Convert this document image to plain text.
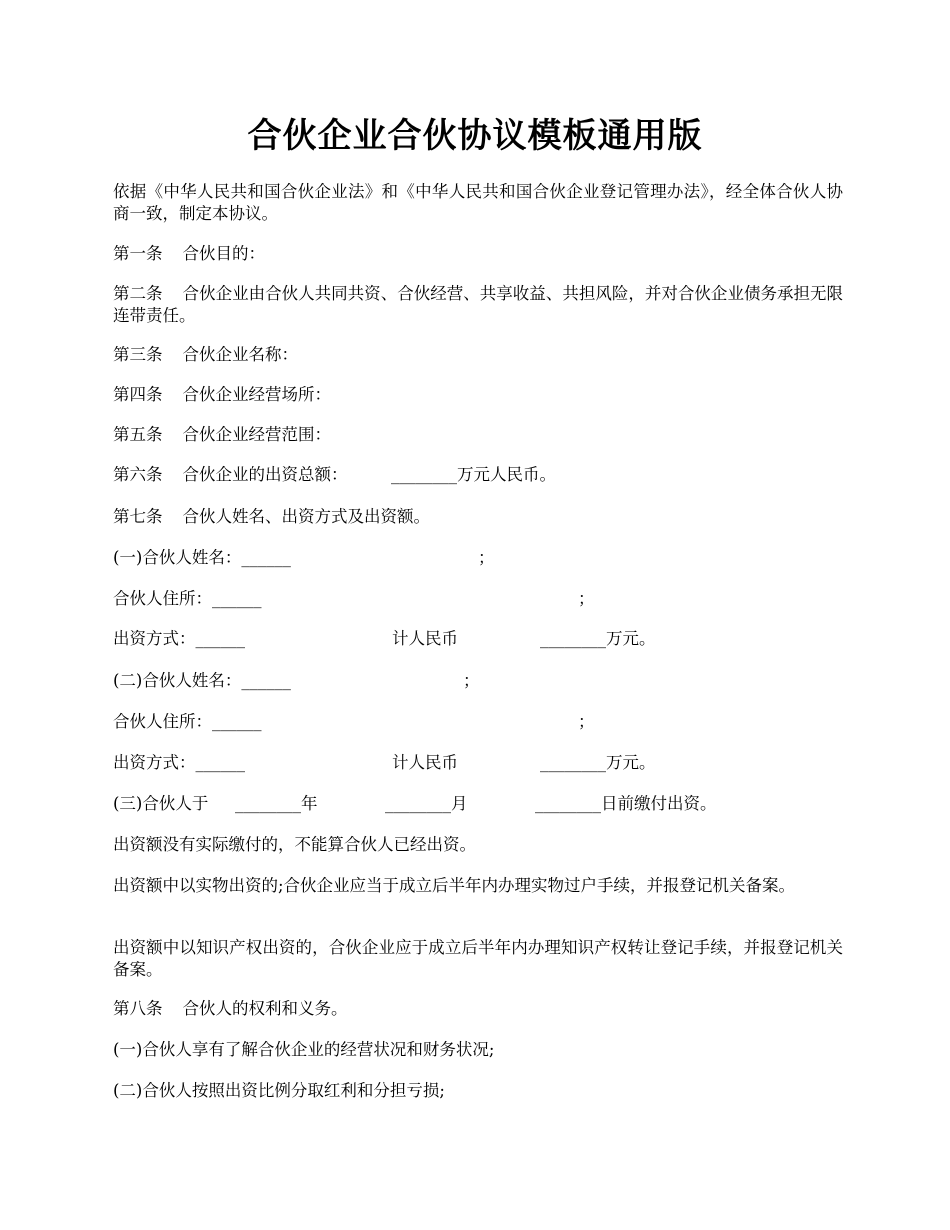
合伙企业合伙协议模板通用版
依据《中华人民共和国合伙企业法》和《中华人民共和国合伙企业登记管理办法》，经全体合伙人协商一致，制定本协议。
第一条 合伙目的：
第二条 合伙企业由合伙人共同共资、合伙经营、共享收益、共担风险，并对合伙企业债务承担无限连带责任。
第三条 合伙企业名称：
第四条 合伙企业经营场所：
第五条 合伙企业经营范围：
第六条 合伙企业的出资总额：	________万元人民币。
第七条 合伙人姓名、出资方式及出资额。
(一)合伙人姓名：______	；
合伙人住所：______	；
出资方式：______	计人民币	________万元。
(二)合伙人姓名：______	；
合伙人住所：______	；
出资方式：______	计人民币	________万元。
(三)合伙人于 ________年	________月	________日前缴付出资。
出资额没有实际缴付的，不能算合伙人已经出资。
出资额中以实物出资的;合伙企业应当于成立后半年内办理实物过户手续，并报登记机关备案。
出资额中以知识产权出资的，合伙企业应于成立后半年内办理知识产权转让登记手续，并报登记机关备案。
第八条 合伙人的权利和义务。
(一)合伙人享有了解合伙企业的经营状况和财务状况;
(二)合伙人按照出资比例分取红利和分担亏损;
